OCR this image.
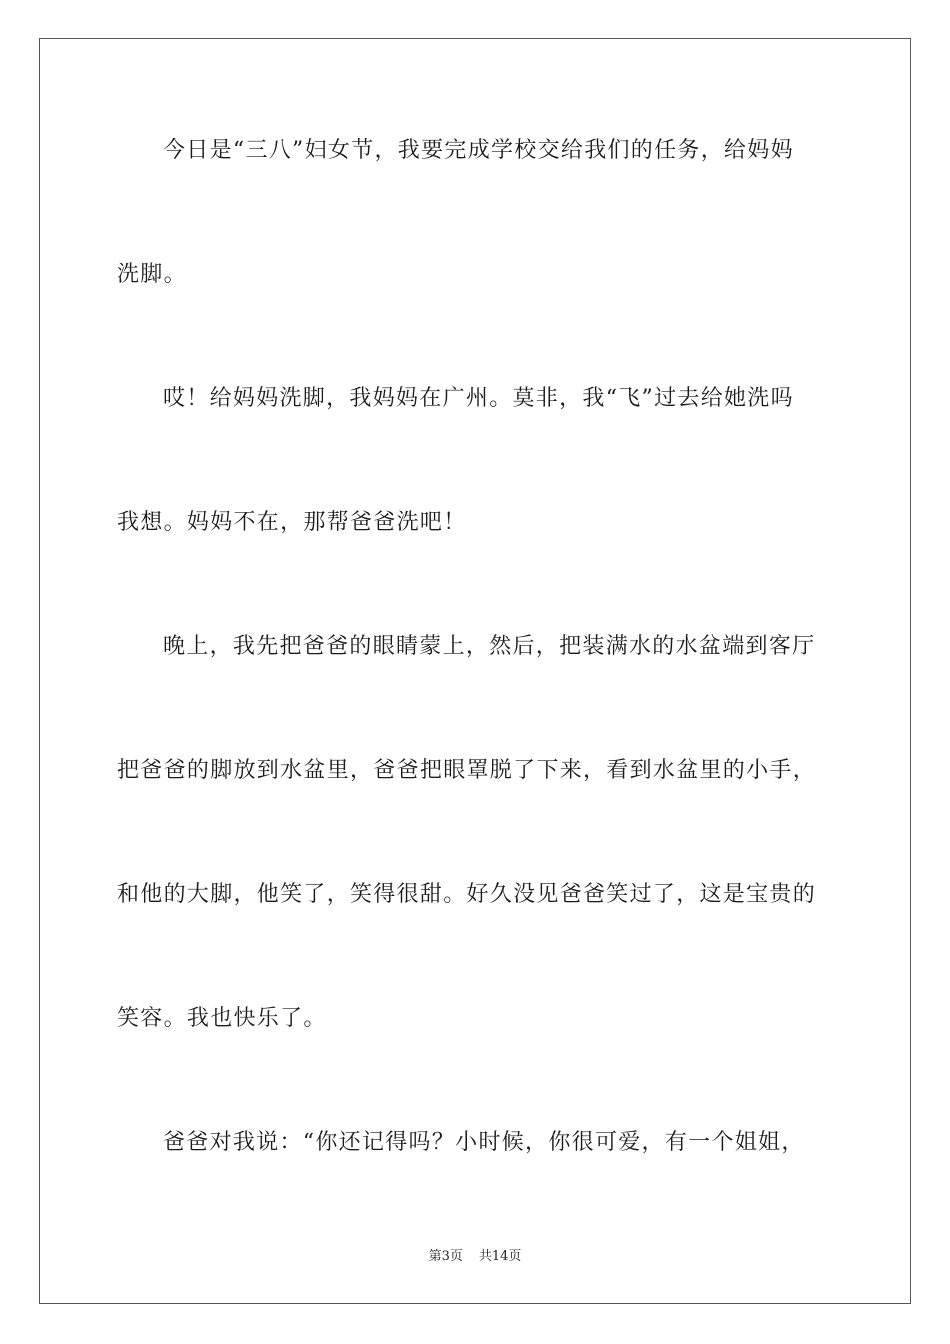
今日是“三八”妇女节，我要完成学校交给我们的任务，给妈妈
洗脚。
哎！给妈妈洗脚，我妈妈在广州。莫非，我“飞”过去给她洗吗
我想。妈妈不在，那帮爸爸洗吧！
晚上，我先把爸爸的眼睛蒙上，然后，把装满水的水盆端到客厅
把爸爸的脚放到水盆里，爸爸把眼罩脱了下来，看到水盆里的小手，
和他的大脚，他笑了，笑得很甜。好久没见爸爸笑过了，这是宝贵的
笑容。我也快乐了。
爸爸对我说：“你还记得吗？小时候，你很可爱，有一个姐姐，
第3页 共14页
